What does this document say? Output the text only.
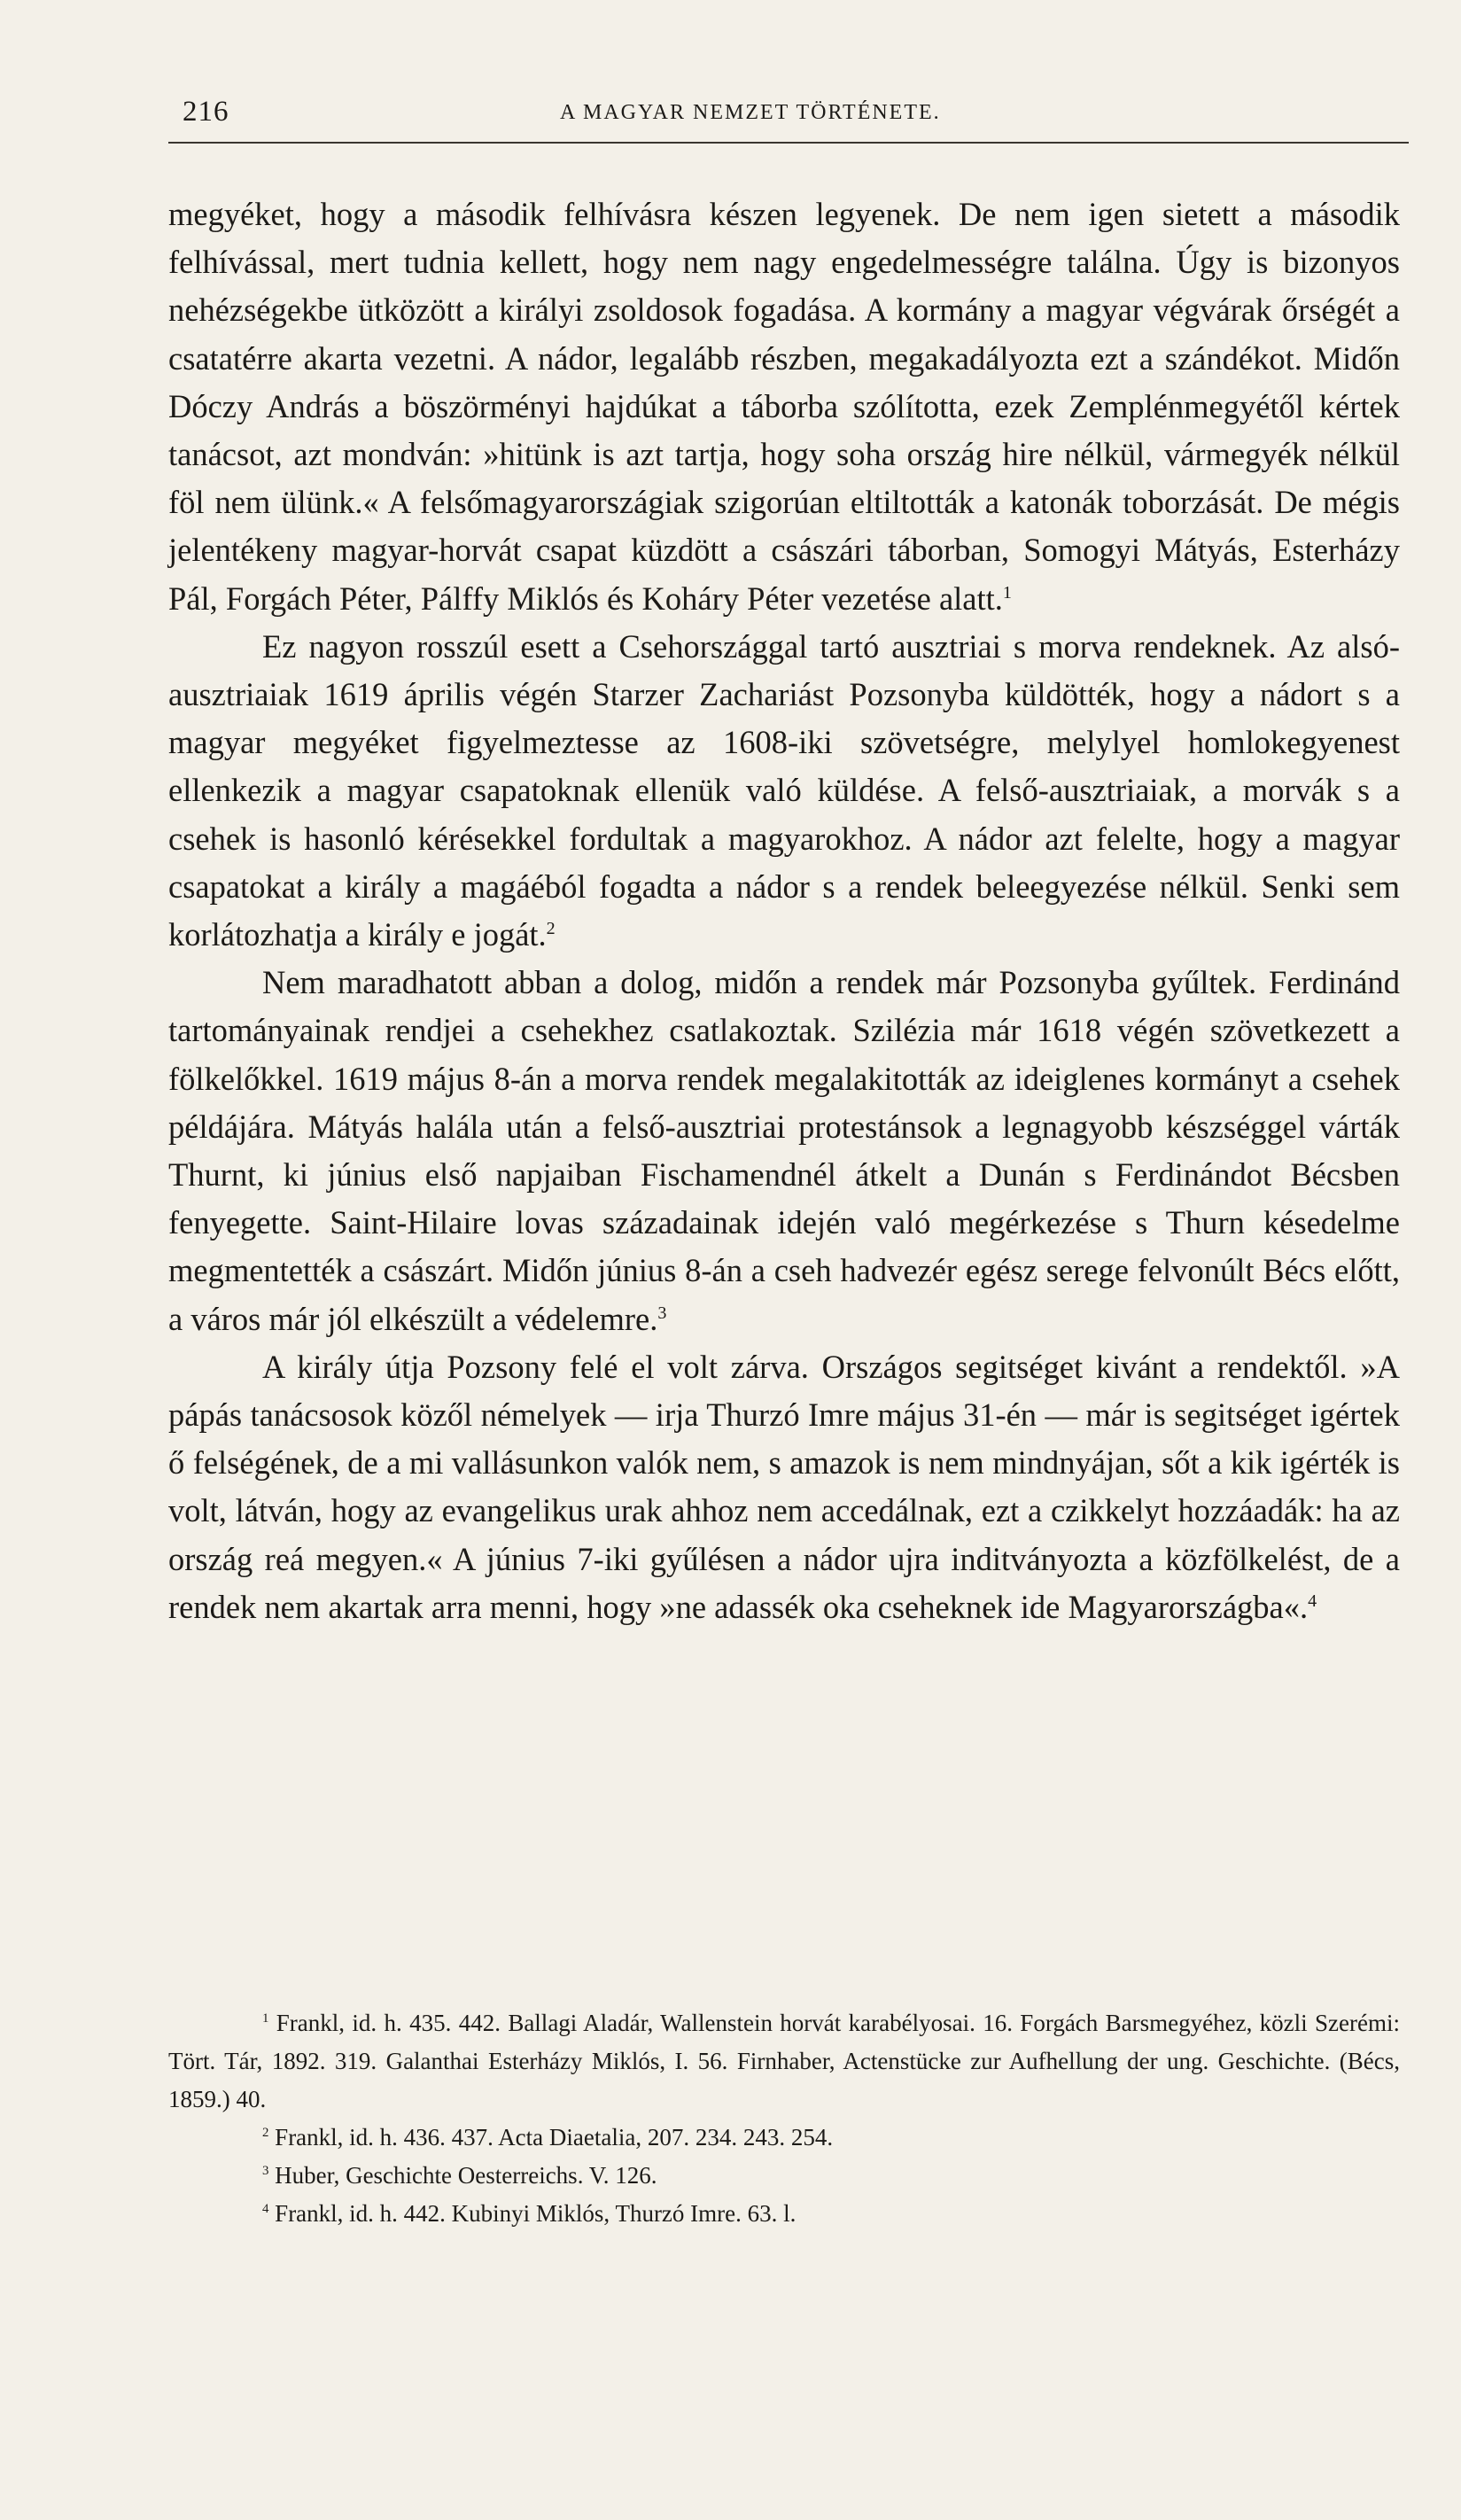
216	A MAGYAR NEMZET TÖRTÉNETE.

megyéket, hogy a második felhívásra készen legyenek. De nem igen sietett a második felhívással, mert tudnia kellett, hogy nem nagy engedelmességre találna. Úgy is bizonyos nehézségekbe ütközött a királyi zsoldosok fogadása. A kormány a magyar végvárak őrségét a csatatérre akarta vezetni. A nádor, legalább részben, megakadályozta ezt a szándékot. Midőn Dóczy András a böszörményi hajdúkat a táborba szólította, ezek Zemplénmegyétől kértek tanácsot, azt mondván: »hitünk is azt tartja, hogy soha ország hire nélkül, vármegyék nélkül föl nem ülünk.« A felsőmagyarországiak szigorúan eltiltották a katonák toborzását. De mégis jelentékeny magyar-horvát csapat küzdött a császári táborban, Somogyi Mátyás, Esterházy Pál, Forgách Péter, Pálffy Miklós és Koháry Péter vezetése alatt.$^1$

Ez nagyon rosszúl esett a Csehországgal tartó ausztriai s morva rendeknek. Az alsó-ausztriaiak 1619 április végén Starzer Zachariást Pozsonyba küldötték, hogy a nádort s a magyar megyéket figyelmeztesse az 1608-iki szövetségre, melylyel homlokegyenest ellenkezik a magyar csapatoknak ellenük való küldése. A felső-ausztriaiak, a morvák s a csehek is hasonló kérésekkel fordultak a magyarokhoz. A nádor azt felelte, hogy a magyar csapatokat a király a magáéból fogadta a nádor s a rendek beleegyezése nélkül. Senki sem korlátozhatja a király e jogát.$^2$

Nem maradhatott abban a dolog, midőn a rendek már Pozsonyba gyűltek. Ferdinánd tartományainak rendjei a csehekhez csatlakoztak. Szilézia már 1618 végén szövetkezett a fölkelőkkel. 1619 május 8-án a morva rendek megalakitották az ideiglenes kormányt a csehek példájára. Mátyás halála után a felső-ausztriai protestánsok a legnagyobb készséggel várták Thurnt, ki június első napjaiban Fischamendnél átkelt a Dunán s Ferdinándot Bécsben fenyegette. Saint-Hilaire lovas századainak idején való megérkezése s Thurn késedelme megmentették a császárt. Midőn június 8-án a cseh hadvezér egész serege felvonúlt Bécs előtt, a város már jól elkészült a védelemre.$^3$

A király útja Pozsony felé el volt zárva. Országos segitséget kivánt a rendektől. »A pápás tanácsosok közől némelyek — irja Thurzó Imre május 31-én — már is segitséget igértek ő felségének, de a mi vallásunkon valók nem, s amazok is nem mindnyájan, sőt a kik igérték is volt, látván, hogy az evangelikus urak ahhoz nem accedálnak, ezt a czikkelyt hozzáadák: ha az ország reá megyen.« A június 7-iki gyűlésen a nádor ujra inditványozta a közfölkelést, de a rendek nem akartak arra menni, hogy »ne adassék oka cseheknek ide Magyarországba«.$^4$

$^1$ Frankl, id. h. 435. 442. Ballagi Aladár, Wallenstein horvát karabélyosai. 16. Forgách Barsmegyéhez, közli Szerémi: Tört. Tár, 1892. 319. Galanthai Esterházy Miklós, I. 56. Firnhaber, Actenstücke zur Aufhellung der ung. Geschichte. (Bécs, 1859.) 40.

$^2$ Frankl, id. h. 436. 437. Acta Diaetalia, 207. 234. 243. 254.

$^3$ Huber, Geschichte Oesterreichs. V. 126.

$^4$ Frankl, id. h. 442. Kubinyi Miklós, Thurzó Imre. 63. l.
